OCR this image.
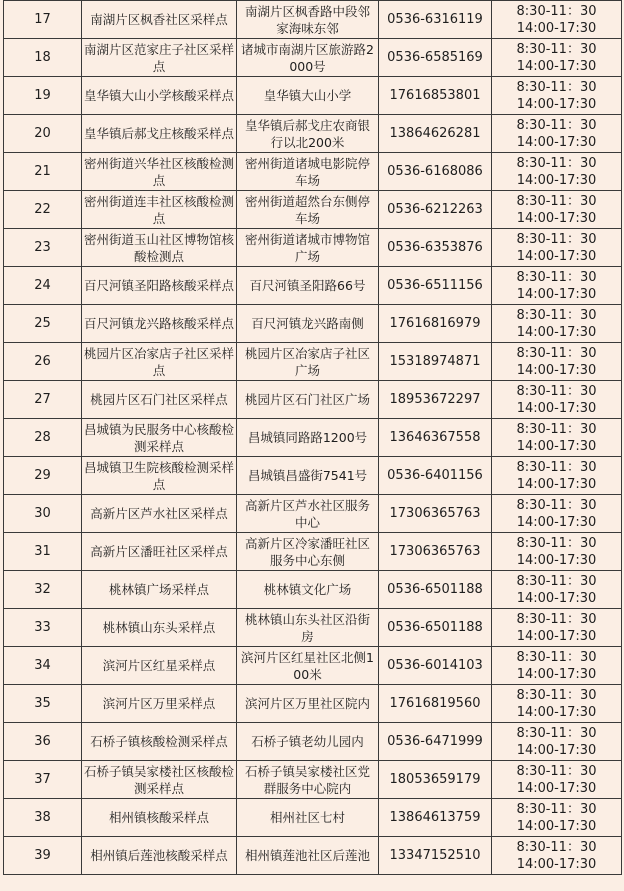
17	南湖片区枫香社区采样点	南湖片区枫香路中段邻家海味东邻	0536-6316119	8:30-11：30
14:00-17:30

18	南湖片区范家庄子社区采样点	诸城市南湖片区旅游路2000号	0536-6585169	8:30-11：30
14:00-17:30

19	皇华镇大山小学核酸采样点	皇华镇大山小学	17616853801	8:30-11：30
14:00-17:30

20	皇华镇后郝戈庄核酸采样点	皇华镇后郝戈庄农商银行以北200米	13864626281	8:30-11：30
14:00-17:30

21	密州街道兴华社区核酸检测点	密州街道诸城电影院停车场	0536-6168086	8:30-11：30
14:00-17:30

22	密州街道连丰社区核酸检测点	密州街道超然台东侧停车场	0536-6212263	8:30-11：30
14:00-17:30

23	密州街道玉山社区博物馆核酸检测点	密州街道诸城市博物馆广场	0536-6353876	8:30-11：30
14:00-17:30

24	百尺河镇圣阳路核酸采样点	百尺河镇圣阳路66号	0536-6511156	8:30-11：30
14:00-17:30

25	百尺河镇龙兴路核酸采样点	百尺河镇龙兴路南侧	17616816979	8:30-11：30
14:00-17:30

26	桃园片区冶家店子社区采样点	桃园片区冶家店子社区广场	15318974871	8:30-11：30
14:00-17:30

27	桃园片区石门社区采样点	桃园片区石门社区广场	18953672297	8:30-11：30
14:00-17:30

28	昌城镇为民服务中心核酸检测采样点	昌城镇同路路1200号	13646367558	8:30-11：30
14:00-17:30

29	昌城镇卫生院核酸检测采样点	昌城镇昌盛街7541号	0536-6401156	8:30-11：30
14:00-17:30

30	高新片区芦水社区采样点	高新片区芦水社区服务中心	17306365763	8:30-11：30
14:00-17:30

31	高新片区潘旺社区采样点	高新片区冷家潘旺社区服务中心东侧	17306365763	8:30-11：30
14:00-17:30

32	桃林镇广场采样点	桃林镇文化广场	0536-6501188	8:30-11：30
14:00-17:30

33	桃林镇山东头采样点	桃林镇山东头社区沿街房	0536-6501188	8:30-11：30
14:00-17:30

34	滨河片区红星采样点	滨河片区红星社区北侧100米	0536-6014103	8:30-11：30
14:00-17:30

35	滨河片区万里采样点	滨河片区万里社区院内	17616819560	8:30-11：30
14:00-17:30

36	石桥子镇核酸检测采样点	石桥子镇老幼儿园内	0536-6471999	8:30-11：30
14:00-17:30

37	石桥子镇吴家楼社区核酸检测采样点	石桥子镇吴家楼社区党群服务中心院内	18053659179	8:30-11：30
14:00-17:30

38	相州镇核酸采样点	相州社区七村	13864613759	8:30-11：30
14:00-17:30

39	相州镇后莲池核酸采样点	相州镇莲池社区后莲池	13347152510	8:30-11：30
14:00-17:30
